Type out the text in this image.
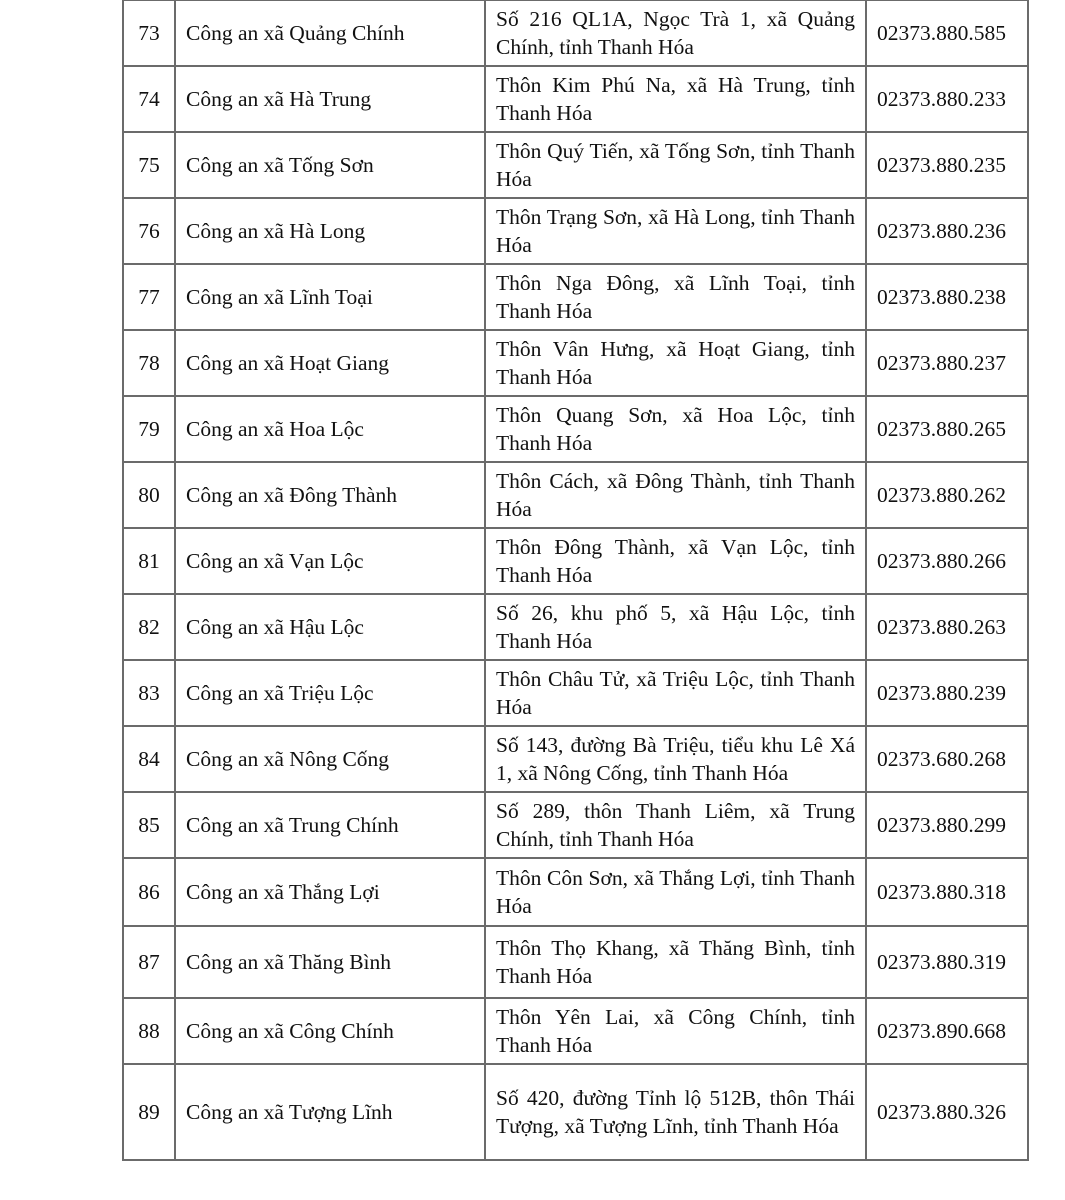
73	Công an xã Quảng Chính	Số 216 QL1A, Ngọc Trà 1, xã Quảng Chính, tỉnh Thanh Hóa	02373.880.585
74	Công an xã Hà Trung	Thôn Kim Phú Na, xã Hà Trung, tỉnh Thanh Hóa	02373.880.233
75	Công an xã Tống Sơn	Thôn Quý Tiến, xã Tống Sơn, tỉnh Thanh Hóa	02373.880.235
76	Công an xã Hà Long	Thôn Trạng Sơn, xã Hà Long, tỉnh Thanh Hóa	02373.880.236
77	Công an xã Lĩnh Toại	Thôn Nga Đông, xã Lĩnh Toại, tỉnh Thanh Hóa	02373.880.238
78	Công an xã Hoạt Giang	Thôn Vân Hưng, xã Hoạt Giang, tỉnh Thanh Hóa	02373.880.237
79	Công an xã Hoa Lộc	Thôn Quang Sơn, xã Hoa Lộc, tỉnh Thanh Hóa	02373.880.265
80	Công an xã Đông Thành	Thôn Cách, xã Đông Thành, tỉnh Thanh Hóa	02373.880.262
81	Công an xã Vạn Lộc	Thôn Đông Thành, xã Vạn Lộc, tỉnh Thanh Hóa	02373.880.266
82	Công an xã Hậu Lộc	Số 26, khu phố 5, xã Hậu Lộc, tỉnh Thanh Hóa	02373.880.263
83	Công an xã Triệu Lộc	Thôn Châu Tử, xã Triệu Lộc, tỉnh Thanh Hóa	02373.880.239
84	Công an xã Nông Cống	Số 143, đường Bà Triệu, tiểu khu Lê Xá 1, xã Nông Cống, tỉnh Thanh Hóa	02373.680.268
85	Công an xã Trung Chính	Số 289, thôn Thanh Liêm, xã Trung Chính, tỉnh Thanh Hóa	02373.880.299
86	Công an xã Thắng Lợi	Thôn Côn Sơn, xã Thắng Lợi, tỉnh Thanh Hóa	02373.880.318
87	Công an xã Thăng Bình	Thôn Thọ Khang, xã Thăng Bình, tỉnh Thanh Hóa	02373.880.319
88	Công an xã Công Chính	Thôn Yên Lai, xã Công Chính, tỉnh Thanh Hóa	02373.890.668
89	Công an xã Tượng Lĩnh	Số 420, đường Tỉnh lộ 512B, thôn Thái Tượng, xã Tượng Lĩnh, tỉnh Thanh Hóa	02373.880.326
